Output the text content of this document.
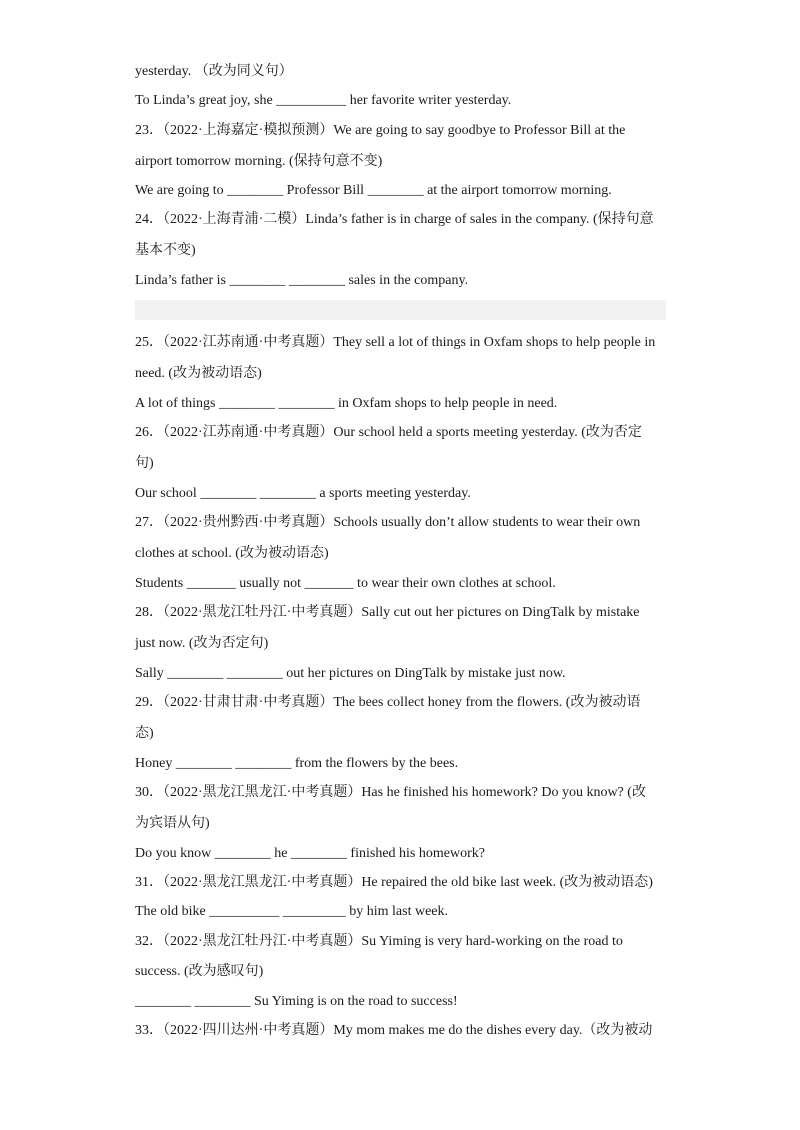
yesterday. （改为同义句）
To Linda’s great joy, she __________ her favorite writer yesterday.
23．（2022·上海嘉定·模拟预测）We are going to say goodbye to Professor Bill at the
airport tomorrow morning. (保持句意不变)
We are going to ________ Professor Bill ________ at the airport tomorrow morning.
24．（2022·上海青浦·二模）Linda’s father is in charge of sales in the company. (保持句意
基本不变)
Linda’s father is ________ ________ sales in the company.
25．（2022·江苏南通·中考真题）They sell a lot of things in Oxfam shops to help people in
need. (改为被动语态)
A lot of things ________ ________ in Oxfam shops to help people in need.
26．（2022·江苏南通·中考真题）Our school held a sports meeting yesterday. (改为否定
句)
Our school ________ ________ a sports meeting yesterday.
27．（2022·贵州黔西·中考真题）Schools usually don’t allow students to wear their own
clothes at school. (改为被动语态)
Students _______ usually not _______ to wear their own clothes at school.
28．（2022·黑龙江牡丹江·中考真题）Sally cut out her pictures on DingTalk by mistake
just now. (改为否定句)
Sally ________ ________ out her pictures on DingTalk by mistake just now.
29．（2022·甘肃甘肃·中考真题）The bees collect honey from the flowers. (改为被动语
态)
Honey ________ ________ from the flowers by the bees.
30．（2022·黑龙江黑龙江·中考真题）Has he finished his homework? Do you know? (改
为宾语从句)
Do you know ________ he ________ finished his homework?
31．（2022·黑龙江黑龙江·中考真题）He repaired the old bike last week. (改为被动语态)
The old bike __________ _________ by him last week.
32．（2022·黑龙江牡丹江·中考真题）Su Yiming is very hard-working on the road to
success. (改为感叹句)
________ ________ Su Yiming is on the road to success!
33．（2022·四川达州·中考真题）My mom makes me do the dishes every day.（改为被动
